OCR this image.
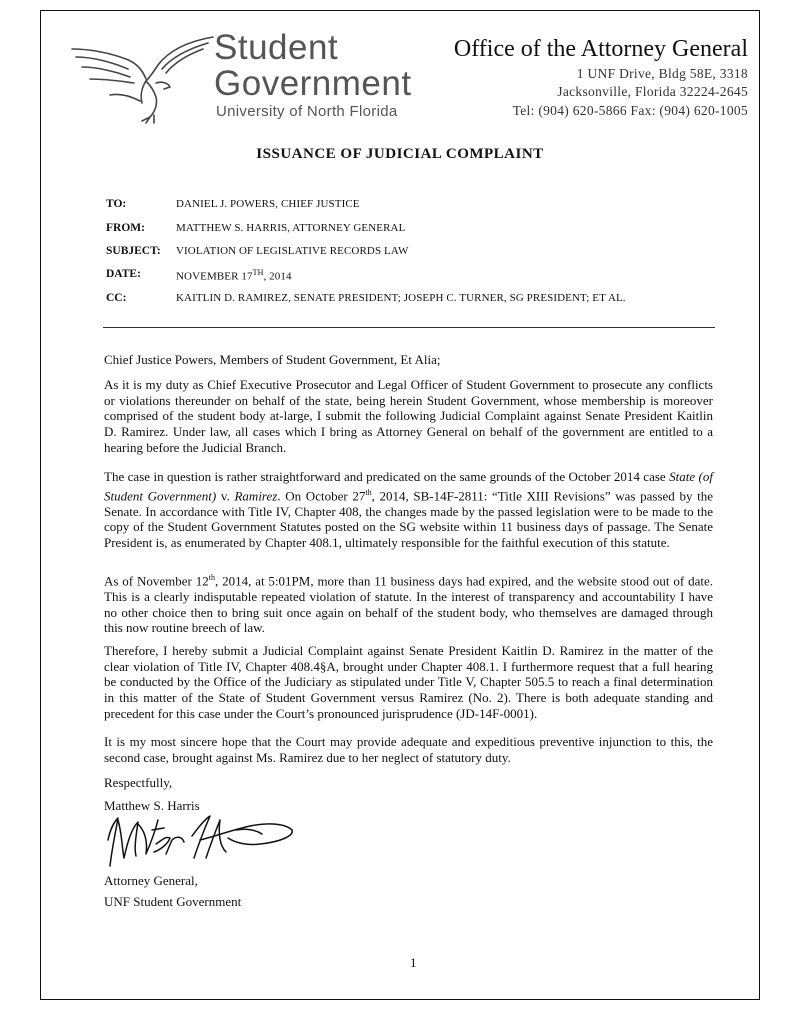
Student
Government
University of North Florida
Office of the Attorney General
1 UNF Drive, Bldg 58E, 3318
Jacksonville, Florida 32224-2645
Tel: (904) 620-5866 Fax: (904) 620-1005
ISSUANCE OF JUDICIAL COMPLAINT
TO:	DANIEL J. POWERS, CHIEF JUSTICE
FROM:	MATTHEW S. HARRIS, ATTORNEY GENERAL
SUBJECT: VIOLATION OF LEGISLATIVE RECORDS LAW
DATE:	NOVEMBER 17TH, 2014
CC:	KAITLIN D. RAMIREZ, SENATE PRESIDENT; JOSEPH C. TURNER, SG PRESIDENT; ET AL.
Chief Justice Powers, Members of Student Government, Et Alia;
As it is my duty as Chief Executive Prosecutor and Legal Officer of Student Government to prosecute any conflicts or violations thereunder on behalf of the state, being herein Student Government, whose membership is moreover comprised of the student body at-large, I submit the following Judicial Complaint against Senate President Kaitlin D. Ramirez. Under law, all cases which I bring as Attorney General on behalf of the government are entitled to a hearing before the Judicial Branch.
The case in question is rather straightforward and predicated on the same grounds of the October 2014 case State (of Student Government) v. Ramirez. On October 27th, 2014, SB-14F-2811: “Title XIII Revisions” was passed by the Senate. In accordance with Title IV, Chapter 408, the changes made by the passed legislation were to be made to the copy of the Student Government Statutes posted on the SG website within 11 business days of passage. The Senate President is, as enumerated by Chapter 408.1, ultimately responsible for the faithful execution of this statute.
As of November 12th, 2014, at 5:01PM, more than 11 business days had expired, and the website stood out of date. This is a clearly indisputable repeated violation of statute. In the interest of transparency and accountability I have no other choice then to bring suit once again on behalf of the student body, who themselves are damaged through this now routine breech of law.
Therefore, I hereby submit a Judicial Complaint against Senate President Kaitlin D. Ramirez in the matter of the clear violation of Title IV, Chapter 408.4§A, brought under Chapter 408.1. I furthermore request that a full hearing be conducted by the Office of the Judiciary as stipulated under Title V, Chapter 505.5 to reach a final determination in this matter of the State of Student Government versus Ramirez (No. 2). There is both adequate standing and precedent for this case under the Court’s pronounced jurisprudence (JD-14F-0001).
It is my most sincere hope that the Court may provide adequate and expeditious preventive injunction to this, the second case, brought against Ms. Ramirez due to her neglect of statutory duty.
Respectfully,
Matthew S. Harris
Attorney General,
UNF Student Government
1
